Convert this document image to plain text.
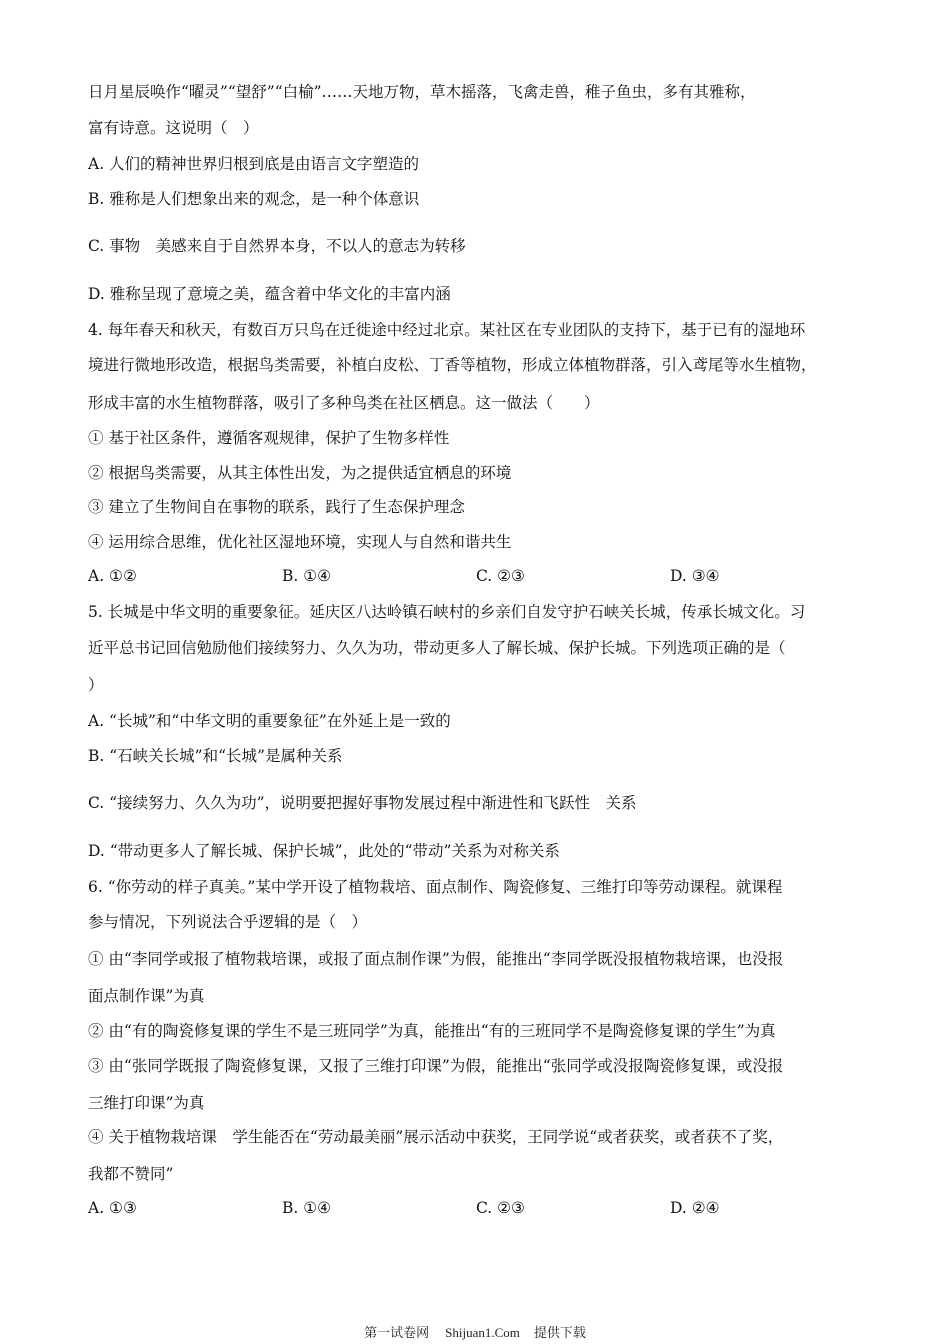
日月星辰唤作“曜灵”“望舒”“白榆”……天地万物，草木摇落，飞禽走兽，稚子鱼虫，多有其雅称，
富有诗意。这说明（　）
A. 人们的精神世界归根到底是由语言文字塑造的
B. 雅称是人们想象出来的观念，是一种个体意识
C. 事物　美感来自于自然界本身，不以人的意志为转移
D. 雅称呈现了意境之美，蕴含着中华文化的丰富内涵
4. 每年春天和秋天，有数百万只鸟在迁徙途中经过北京。某社区在专业团队的支持下，基于已有的湿地环
境进行微地形改造，根据鸟类需要，补植白皮松、丁香等植物，形成立体植物群落，引入鸢尾等水生植物，
形成丰富的水生植物群落，吸引了多种鸟类在社区栖息。这一做法（　　）
① 基于社区条件，遵循客观规律，保护了生物多样性
② 根据鸟类需要，从其主体性出发，为之提供适宜栖息的环境
③ 建立了生物间自在事物的联系，践行了生态保护理念
④ 运用综合思维，优化社区湿地环境，实现人与自然和谐共生
A. ①②	B. ①④	C. ②③	D. ③④
5. 长城是中华文明的重要象征。延庆区八达岭镇石峡村的乡亲们自发守护石峡关长城，传承长城文化。习
近平总书记回信勉励他们接续努力、久久为功，带动更多人了解长城、保护长城。下列选项正确的是（
）
A. “长城”和“中华文明的重要象征”在外延上是一致的
B. “石峡关长城”和“长城”是属种关系
C. “接续努力、久久为功”，说明要把握好事物发展过程中渐进性和飞跃性　关系
D. “带动更多人了解长城、保护长城”，此处的“带动”关系为对称关系
6. “你劳动的样子真美。”某中学开设了植物栽培、面点制作、陶瓷修复、三维打印等劳动课程。就课程
参与情况，下列说法合乎逻辑的是（　）
① 由“李同学或报了植物栽培课，或报了面点制作课”为假，能推出“李同学既没报植物栽培课，也没报
面点制作课”为真
② 由“有的陶瓷修复课的学生不是三班同学”为真，能推出“有的三班同学不是陶瓷修复课的学生”为真
③ 由“张同学既报了陶瓷修复课，又报了三维打印课”为假，能推出“张同学或没报陶瓷修复课，或没报
三维打印课”为真
④ 关于植物栽培课　学生能否在“劳动最美丽”展示活动中获奖，王同学说“或者获奖，或者获不了奖，
我都不赞同”
A. ①③	B. ①④	C. ②③	D. ②④
第一试卷网 Shijuan1.Com 提供下载
